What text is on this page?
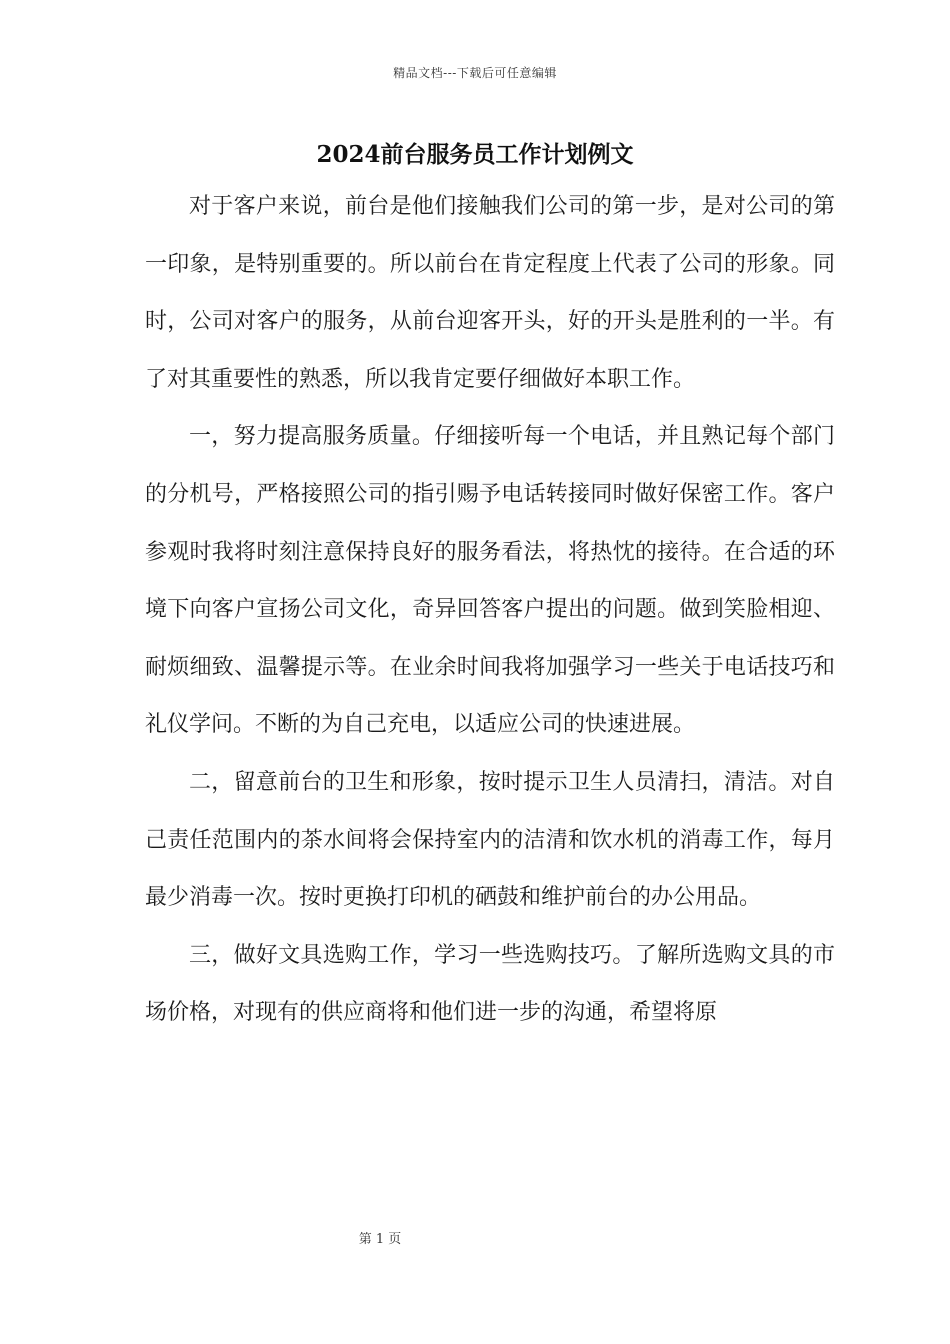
精品文档---下载后可任意编辑
2024前台服务员工作计划例文

对于客户来说，前台是他们接触我们公司的第一步，是对公司的第一印象，是特别重要的。所以前台在肯定程度上代表了公司的形象。同时，公司对客户的服务，从前台迎客开头，好的开头是胜利的一半。有了对其重要性的熟悉，所以我肯定要仔细做好本职工作。

一，努力提高服务质量。仔细接听每一个电话，并且熟记每个部门的分机号，严格接照公司的指引赐予电话转接同时做好保密工作。客户参观时我将时刻注意保持良好的服务看法，将热忱的接待。在合适的环境下向客户宣扬公司文化，奇异回答客户提出的问题。做到笑脸相迎、耐烦细致、温馨提示等。在业余时间我将加强学习一些关于电话技巧和礼仪学问。不断的为自己充电，以适应公司的快速进展。

二，留意前台的卫生和形象，按时提示卫生人员清扫，清洁。对自己责任范围内的茶水间将会保持室内的洁清和饮水机的消毒工作，每月最少消毒一次。按时更换打印机的硒鼓和维护前台的办公用品。

三，做好文具选购工作，学习一些选购技巧。了解所选购文具的市场价格，对现有的供应商将和他们进一步的沟通，希望将原

第 1 页
